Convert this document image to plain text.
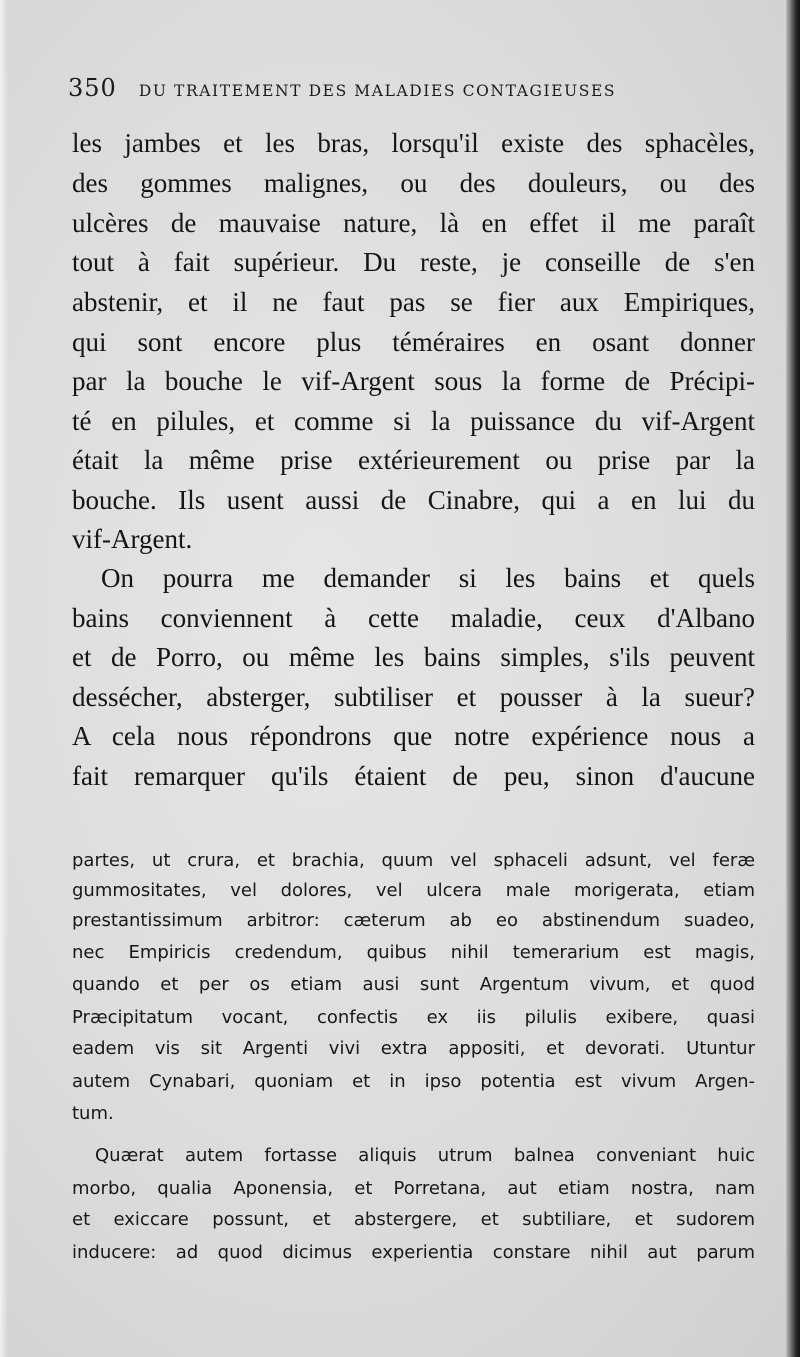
350 DU TRAITEMENT DES MALADIES CONTAGIEUSES
les jambes et les bras, lorsqu'il existe des sphacèles,
des gommes malignes, ou des douleurs, ou des
ulcères de mauvaise nature, là en effet il me paraît
tout à fait supérieur. Du reste, je conseille de s'en
abstenir, et il ne faut pas se fier aux Empiriques,
qui sont encore plus téméraires en osant donner
par la bouche le vif-Argent sous la forme de Précipi-
té en pilules, et comme si la puissance du vif-Argent
était la même prise extérieurement ou prise par la
bouche. Ils usent aussi de Cinabre, qui a en lui du
vif-Argent.
On pourra me demander si les bains et quels
bains conviennent à cette maladie, ceux d'Albano
et de Porro, ou même les bains simples, s'ils peuvent
dessécher, absterger, subtiliser et pousser à la sueur?
A cela nous répondrons que notre expérience nous a
fait remarquer qu'ils étaient de peu, sinon d'aucune
partes, ut crura, et brachia, quum vel sphaceli adsunt, vel feræ
gummositates, vel dolores, vel ulcera male morigerata, etiam
prestantissimum arbitror: cæterum ab eo abstinendum suadeo,
nec Empiricis credendum, quibus nihil temerarium est magis,
quando et per os etiam ausi sunt Argentum vivum, et quod
Præcipitatum vocant, confectis ex iis pilulis exibere, quasi
eadem vis sit Argenti vivi extra appositi, et devorati. Utuntur
autem Cynabari, quoniam et in ipso potentia est vivum Argen-
tum.
Quærat autem fortasse aliquis utrum balnea conveniant huic
morbo, qualia Aponensia, et Porretana, aut etiam nostra, nam
et exiccare possunt, et abstergere, et subtiliare, et sudorem
inducere: ad quod dicimus experientia constare nihil aut parum
